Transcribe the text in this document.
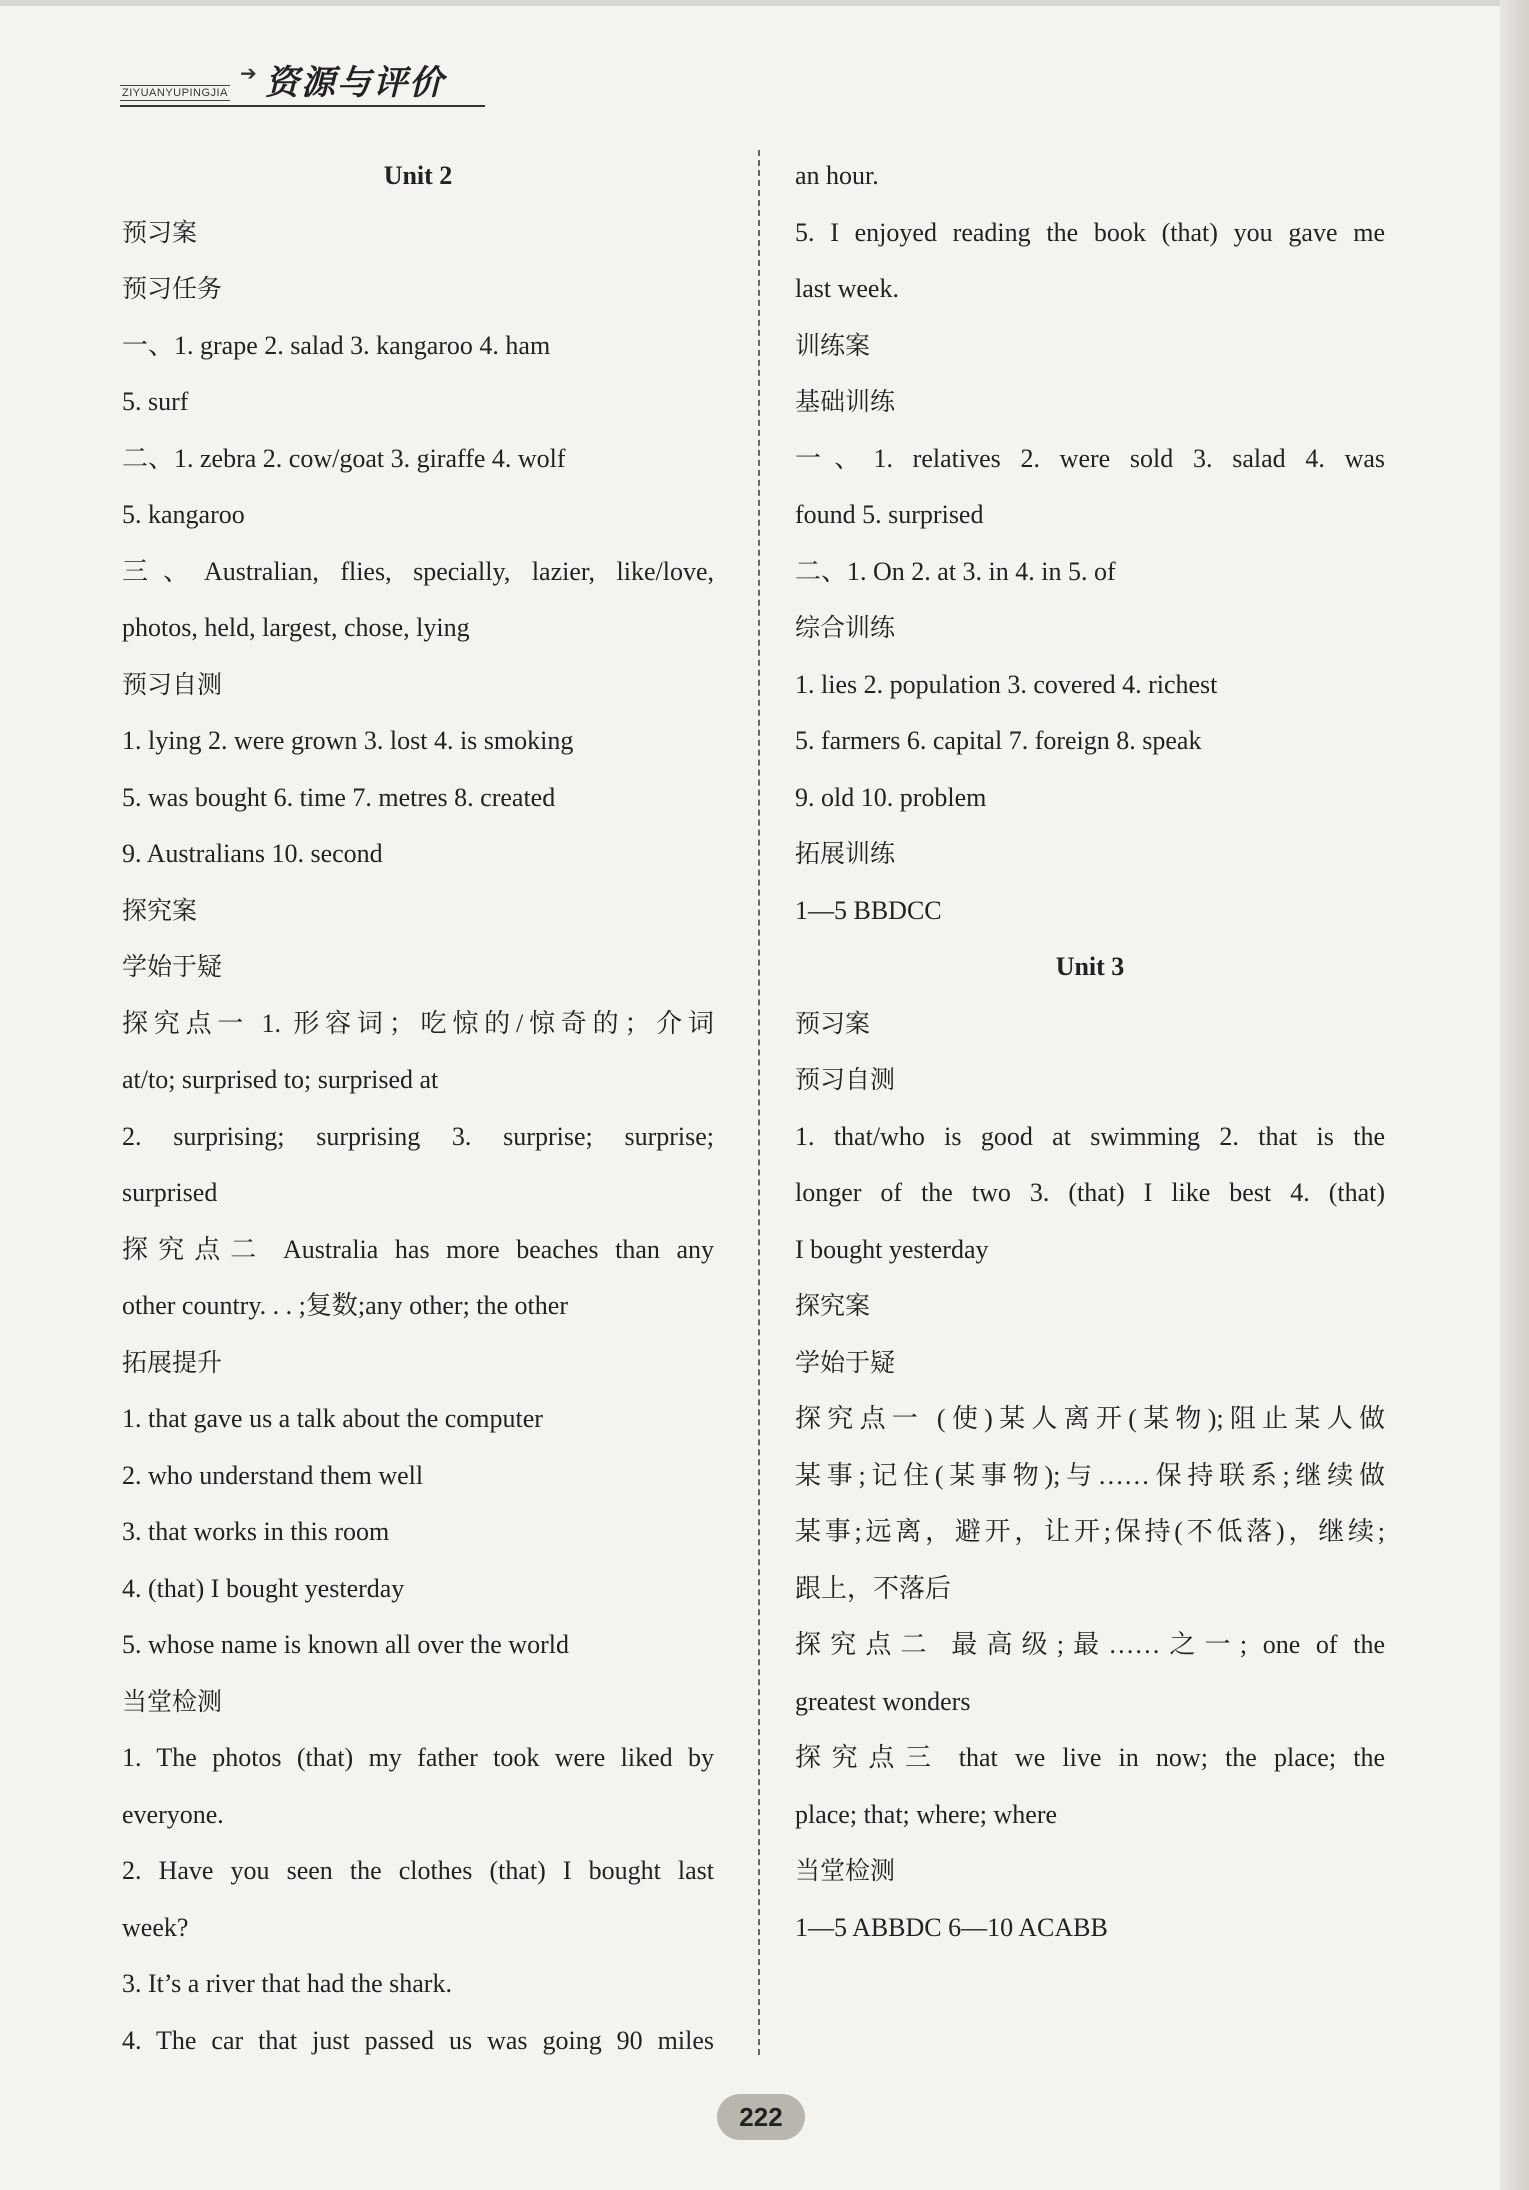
ZIYUANYUPINGJIA
➔ 资源与评价
Unit 2
预习案
预习任务
一、1. grape 2. salad 3. kangaroo 4. ham
5. surf
二、1. zebra 2. cow/goat 3. giraffe 4. wolf
5. kangaroo
三、Australian, flies, specially, lazier, like/love,
photos, held, largest, chose, lying
预习自测
1. lying 2. were grown 3. lost 4. is smoking
5. was bought 6. time 7. metres 8. created
9. Australians 10. second
探究案
学始于疑
探究点一 1. 形容词；吃惊的/惊奇的；介词
at/to; surprised to; surprised at
2. surprising; surprising 3. surprise; surprise;
surprised
探究点二 Australia has more beaches than any
other country. . . ;复数;any other; the other
拓展提升
1. that gave us a talk about the computer
2. who understand them well
3. that works in this room
4. (that) I bought yesterday
5. whose name is known all over the world
当堂检测
1. The photos (that) my father took were liked by
everyone.
2. Have you seen the clothes (that) I bought last
week?
3. It’s a river that had the shark.
4. The car that just passed us was going 90 miles
an hour.
5. I enjoyed reading the book (that) you gave me
last week.
训练案
基础训练
一、1. relatives 2. were sold 3. salad 4. was
found 5. surprised
二、1. On 2. at 3. in 4. in 5. of
综合训练
1. lies 2. population 3. covered 4. richest
5. farmers 6. capital 7. foreign 8. speak
9. old 10. problem
拓展训练
1—5 BBDCC
Unit 3
预习案
预习自测
1. that/who is good at swimming 2. that is the
longer of the two 3. (that) I like best 4. (that)
I bought yesterday
探究案
学始于疑
探究点一 (使)某人离开(某物);阻止某人做
某事;记住(某事物);与……保持联系;继续做
某事;远离，避开，让开;保持(不低落)，继续;
跟上，不落后
探究点二 最高级;最……之一; one of the
greatest wonders
探究点三 that we live in now; the place; the
place; that; where; where
当堂检测
1—5 ABBDC 6—10 ACABB
222
